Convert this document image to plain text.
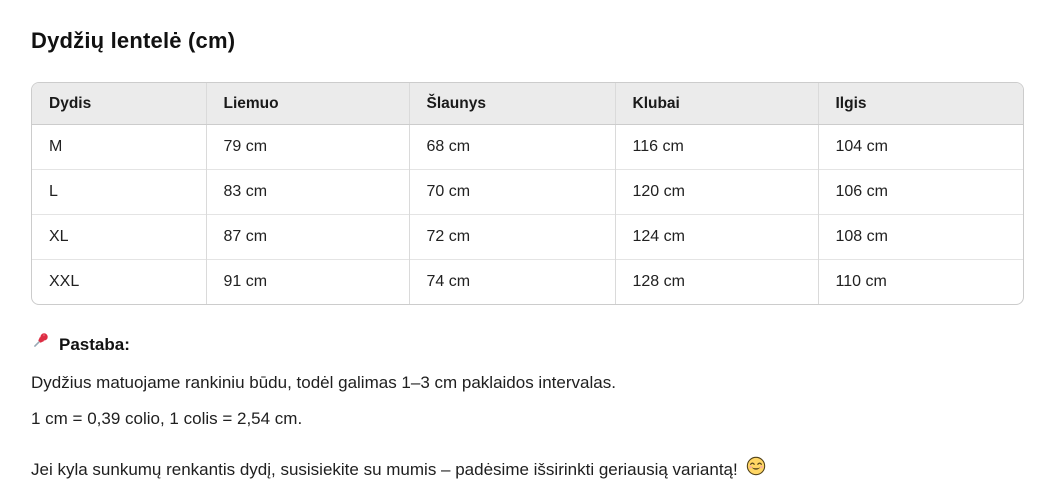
Dydžių lentelė (cm)
Dydis	Liemuo	Šlaunys	Klubai	Ilgis
M	79 cm	68 cm	116 cm	104 cm
L	83 cm	70 cm	120 cm	106 cm
XL	87 cm	72 cm	124 cm	108 cm
XXL	91 cm	74 cm	128 cm	110 cm
Pastaba:

Dydžius matuojame rankiniu būdu, todėl galimas 1–3 cm paklaidos intervalas.

1 cm = 0,39 colio, 1 colis = 2,54 cm.

Jei kyla sunkumų renkantis dydį, susisiekite su mumis – padėsime išsirinkti geriausią variantą!
